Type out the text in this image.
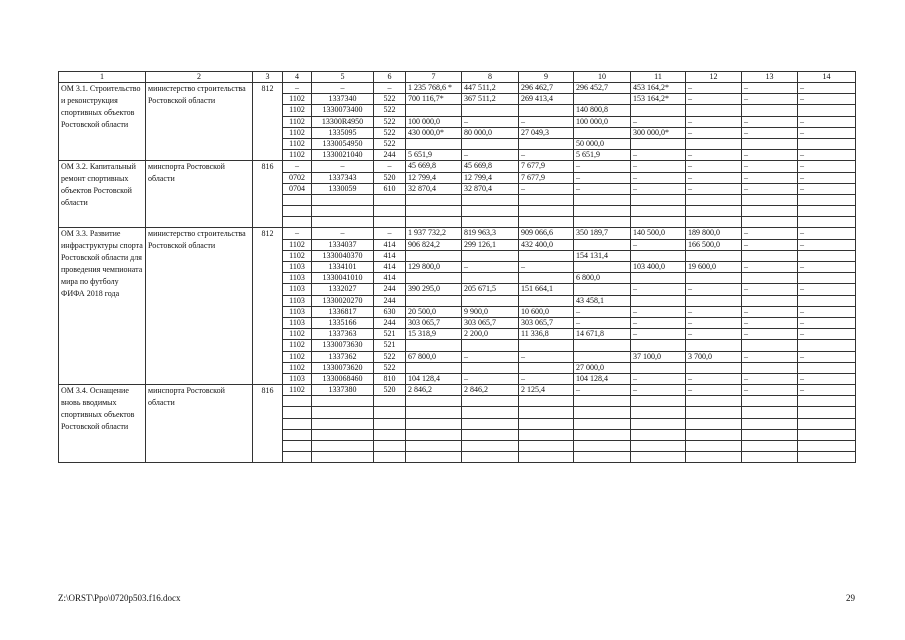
1	2	3	4	5	6	7	8	9	10	11	12	13	14
ОМ 3.1. Строительство и реконструкция спортивных объектов Ростовской области	министерство строительства Ростовской области	812	–	–	–	1 235 768,6 *	447 511,2	296 462,7	296 452,7	453 164,2*	–	–	–
			1102	1337340	522	700 116,7*	367 511,2	269 413,4		153 164,2*	–	–	–
			1102	1330073400	522				140 800,8				
			1102	13300R4950	522	100 000,0	–	–	100 000,0	–	–	–	–
			1102	1335095	522	430 000,0*	80 000,0	27 049,3		300 000,0*	–	–	–
			1102	1330054950	522				50 000,0				
			1102	1330021040	244	5 651,9	–	–	5 651,9	–	–	–	–
ОМ 3.2. Капитальный ремонт спортивных объектов Ростовской области	минспорта Ростовской области	816	–	–	–	45 669,8	45 669,8	7 677,9	–	–	–	–	–
			0702	1337343	520	12 799,4	12 799,4	7 677,9	–	–	–	–	–
			0704	1330059	610	32 870,4	32 870,4	–	–	–	–	–	–

ОМ 3.3. Развитие инфраструктуры спорта Ростовской области для проведения чемпионата мира по футболу ФИФА 2018 года	министерство строительства Ростовской области	812	–	–	–	1 937 732,2	819 963,3	909 066,6	350 189,7	140 500,0	189 800,0	–	–
			1102	1334037	414	906 824,2	299 126,1	432 400,0		–	166 500,0	–	–
			1102	1330040370	414				154 131,4				
			1103	1334101	414	129 800,0	–	–		103 400,0	19 600,0	–	–
			1103	1330041010	414				6 800,0				
			1103	1332027	244	390 295,0	205 671,5	151 664,1		–	–	–	–
			1103	1330020270	244				43 458,1				
			1103	1336817	630	20 500,0	9 900,0	10 600,0	–	–	–	–	–
			1103	1335166	244	303 065,7	303 065,7	303 065,7	–	–	–	–	–
			1102	1337363	521	15 318,9	2 200,0	11 336,8	14 671,8	–	–	–	–
			1102	1330073630	521								
			1102	1337362	522	67 800,0	–	–		37 100,0	3 700,0	–	–
			1102	1330073620	522				27 000,0				
			1103	1330068460	810	104 128,4	–	–	104 128,4	–	–	–	–
ОМ 3.4. Оснащение вновь вводимых спортивных объектов Ростовской области	минспорта Ростовской области	816	1102	1337380	520	2 846,2	2 846,2	2 125,4	–	–	–	–	–

Z:\ORST\Ppo\0720p503.f16.docx	29
